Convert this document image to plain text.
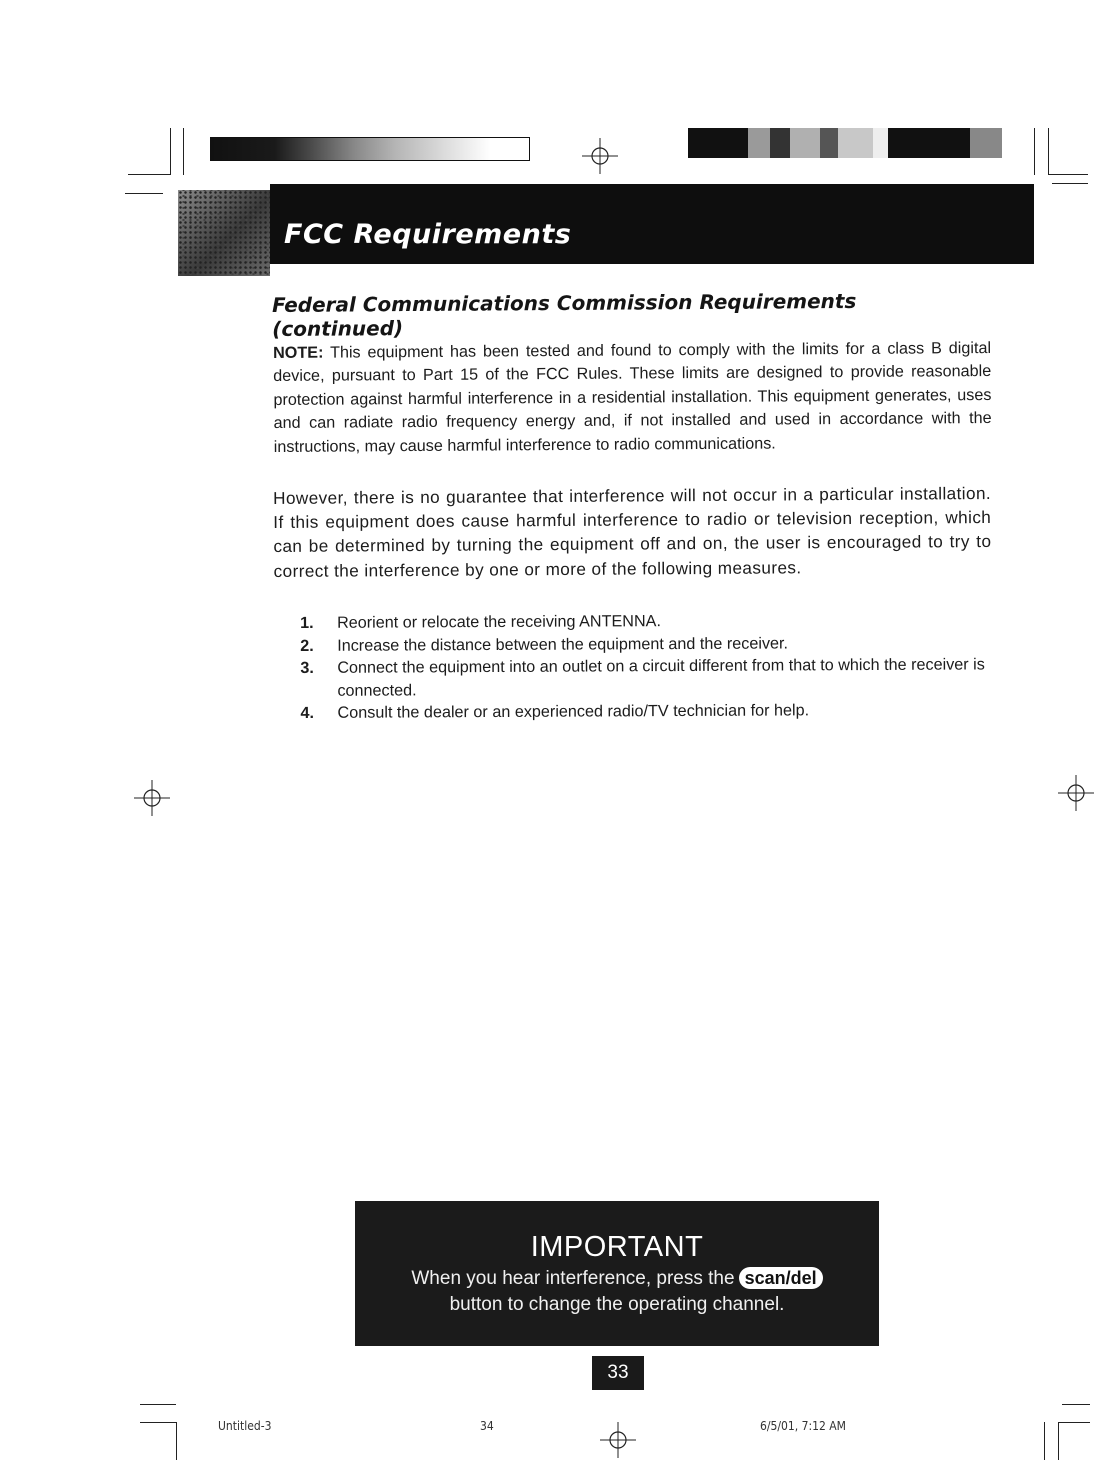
FCC Requirements
Federal Communications Commission Requirements (continued)
NOTE: This equipment has been tested and found to comply with the limits for a class B digital device, pursuant to Part 15 of the FCC Rules. These limits are designed to provide reasonable protection against harmful interference in a residential installation. This equipment generates, uses and can radiate radio frequency energy and, if not installed and used in accordance with the instructions, may cause harmful interference to radio communications.
However, there is no guarantee that interference will not occur in a particular installation. If this equipment does cause harmful interference to radio or television reception, which can be determined by turning the equipment off and on, the user is encouraged to try to correct the interference by one or more of the following measures.
1.	Reorient or relocate the receiving ANTENNA.
2.	Increase the distance between the equipment and the receiver.
3.	Connect the equipment into an outlet on a circuit different from that to which the receiver is connected.
4.	Consult the dealer or an experienced radio/TV technician for help.
IMPORTANT
When you hear interference, press the scan/del
button to change the operating channel.
33
Untitled-3	34	6/5/01, 7:12 AM
